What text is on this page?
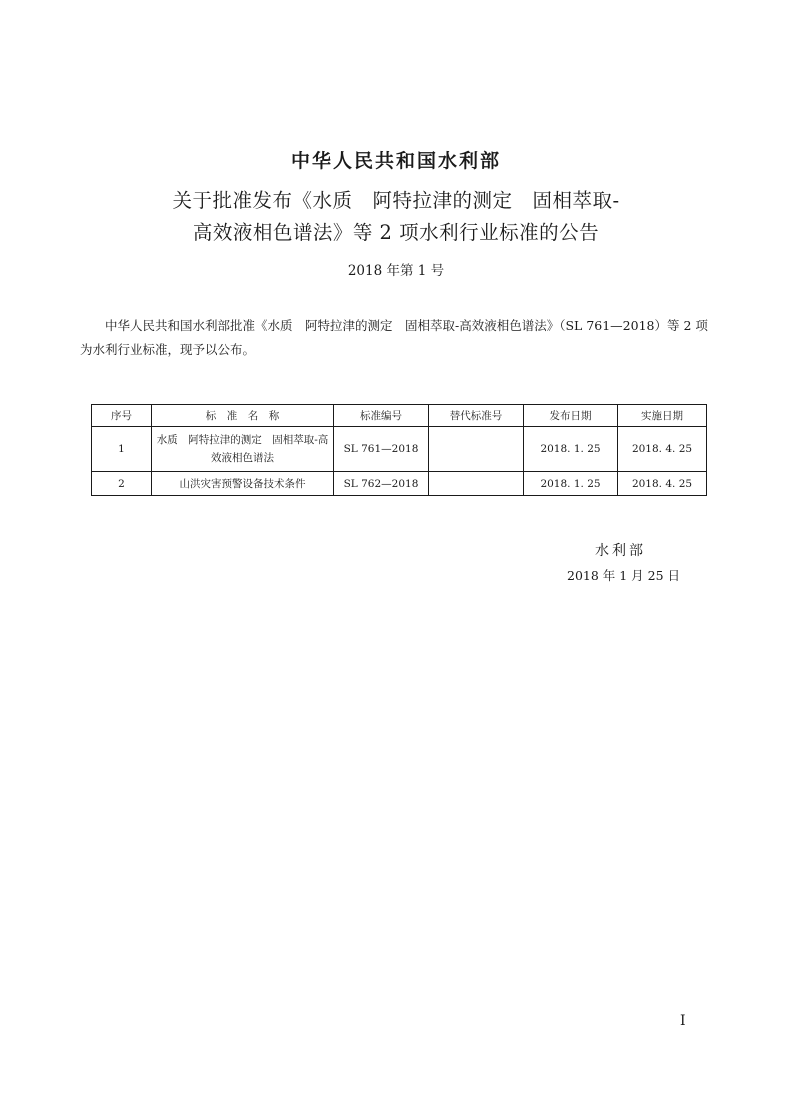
中华人民共和国水利部
关于批准发布《水质　阿特拉津的测定　固相萃取-
高效液相色谱法》等 2 项水利行业标准的公告
2018 年第 1 号

中华人民共和国水利部批准《水质　阿特拉津的测定　固相萃取-高效液相色谱法》（SL 761—2018）等 2 项为水利行业标准，现予以公布。

序号	标　准　名　称	标准编号	替代标准号	发布日期	实施日期
1	水质　阿特拉津的测定　固相萃取-高效液相色谱法	SL 761—2018		2018. 1. 25	2018. 4. 25
2	山洪灾害预警设备技术条件	SL 762—2018		2018. 1. 25	2018. 4. 25
水利部
2018 年 1 月 25 日
I
